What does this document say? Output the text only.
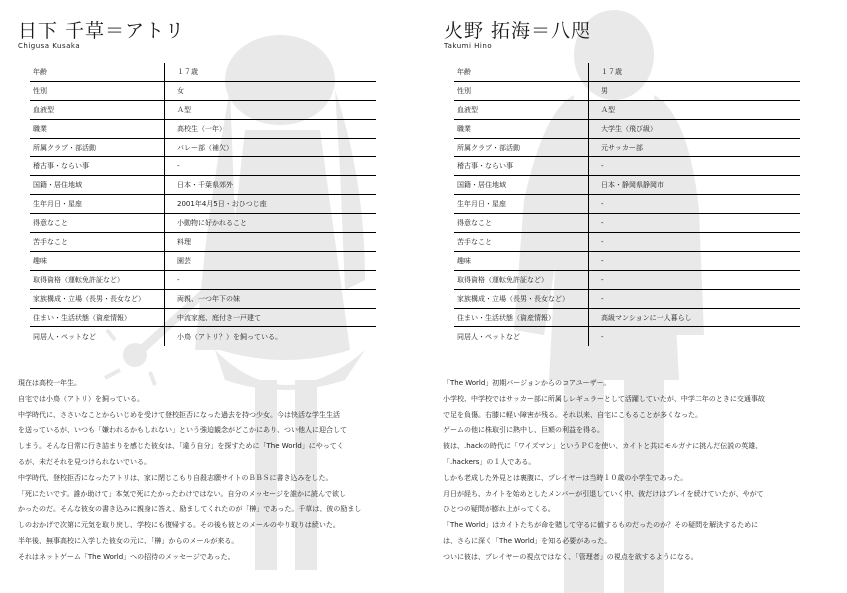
日下 千草＝アトリ
Chigusa Kusaka
年齢	１７歳
性別	女
血液型	Ａ型
職業	高校生（一年）
所属クラブ・部活動	バレー部（補欠）
稽古事・ならい事	-
国籍・居住地域	日本・千葉県郊外
生年月日・星座	2001年4月5日・おひつじ座
得意なこと	小動物に好かれること
苦手なこと	料理
趣味	園芸
取得資格（運転免許証など）	-
家族構成・立場（長男・長女など）	両親、一つ年下の妹
住まい・生活状態（資産情報）	中流家庭、庭付き一戸建て
同居人・ペットなど	小鳥（アトリ？）を飼っている。

現在は高校一年生。

自宅では小鳥（アトリ）を飼っている。

中学時代に、ささいなことからいじめを受けて登校拒否になった過去を持つ少女。今は快活な学生生活

を送っているが、いつも「嫌われるかもしれない」という強迫観念がどこかにあり、つい他人に迎合して

しまう。そんな日常に行き詰まりを感じた彼女は、「違う自分」を探すために「The World」にやってく

るが、未だそれを見つけられないでいる。

中学時代、登校拒否になったアトリは、家に閉じこもり自殺志願サイトのＢＢＳに書き込みをした。

「死にたいです。誰か助けて」本気で死にたかったわけではない。自分のメッセージを誰かに読んで欲し

かったのだ。そんな彼女の書き込みに親身に答え、励ましてくれたのが「榊」であった。千草は、彼の励まし

しのおかげで次第に元気を取り戻し、学校にも復帰する。その後も彼とのメールのやり取りは続いた。

半年後、無事高校に入学した彼女の元に、「榊」からのメールが来る。

それはネットゲーム「The World」への招待のメッセージであった。

火野 拓海＝八咫
Takumi Hino
年齢	１７歳
性別	男
血液型	Ａ型
職業	大学生（飛び級）
所属クラブ・部活動	元サッカー部
稽古事・ならい事	-
国籍・居住地域	日本・静岡県静岡市
生年月日・星座	-
得意なこと	-
苦手なこと	-
趣味	-
取得資格（運転免許証など）	-
家族構成・立場（長男・長女など）	-
住まい・生活状態（資産情報）	高級マンションに一人暮らし
同居人・ペットなど	-

「The World」初期バージョンからのコアユーザー。

小学校、中学校ではサッカー部に所属しレギュラーとして活躍していたが、中学二年のときに交通事故

で足を負傷。右膝に軽い障害が残る。それ以来、自宅にこもることが多くなった。

ゲームの他に株取引に熱中し、巨額の利益を得る。

彼は、.hackの時代に「ワイズマン」というＰＣを使い、カイトと共にモルガナに挑んだ伝説の英雄、

「.hackers」の１人である。

しかも老成した外見とは裏腹に、プレイヤーは当時１０歳の小学生であった。

月日が経ち、カイトを始めとしたメンバーが引退していく中、彼だけはプレイを続けていたが、やがて

ひとつの疑問が膨れ上がってくる。

「The World」はカイトたちが命を賭して守るに値するものだったのか？その疑問を解決するために

は、さらに深く「The World」を知る必要があった。

ついに彼は、プレイヤーの視点ではなく、「管理者」の視点を欲するようになる。
